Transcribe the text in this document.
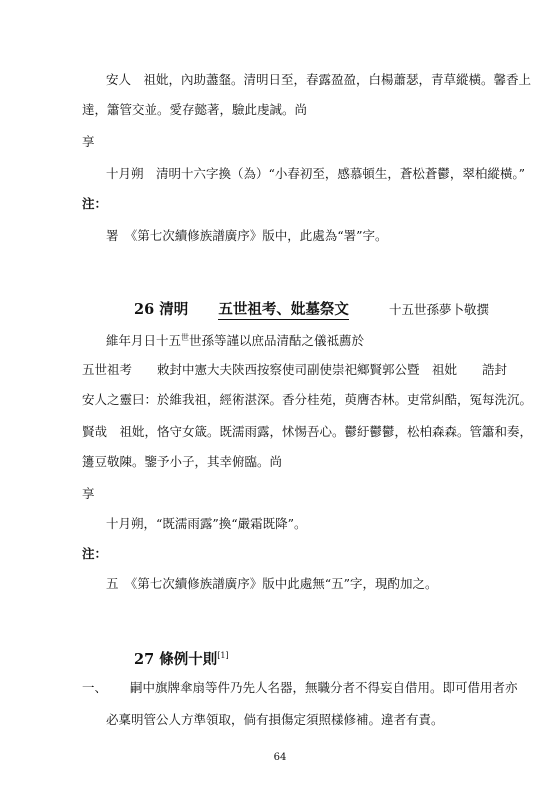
安人　祖妣，內助藎韰。清明日至，春露盈盈，白楊蕭瑟，青草縱橫。馨香上
達，簫管交並。愛存懿著，驗此虔誠。尚
享
十月朔　清明十六字換（為）“小春初至，感慕頓生，蒼松蒼鬱，翠柏縱橫。”
注：
署　《第七次續修族譜廣序》版中，此處為“署”字。
26 清明 五世祖考、妣墓祭文	十五世孫夢卜敬撰
維年月日十五$^世$世孫等謹以庶品清酤之儀祗薦於
五世祖考　　敕封中憲大夫陝西按察使司副使崇祀鄉賢郭公暨　祖妣　　誥封
安人之靈曰：於維我祖，經術湛深。香分桂苑，萸膺杏林。吏常糾酷，冤每洗沉。
賢哉　祖妣，恪守女箴。既濡雨露，怵惕吾心。鬱紆鬱鬱，松柏森森。管簫和奏，
籩豆敬陳。鑒予小子，其幸俯臨。尚
享
十月朔，“既濡雨露”換“嚴霜既降”。
注：
五　《第七次續修族譜廣序》版中此處無“五”字，現酌加之。
27 條例十則[1]
一、 嗣中旗牌傘扇等件乃先人名器，無職分者不得妄自借用。即可借用者亦
必稟明管公人方準領取，倘有損傷定須照樣修補。違者有責。
64
